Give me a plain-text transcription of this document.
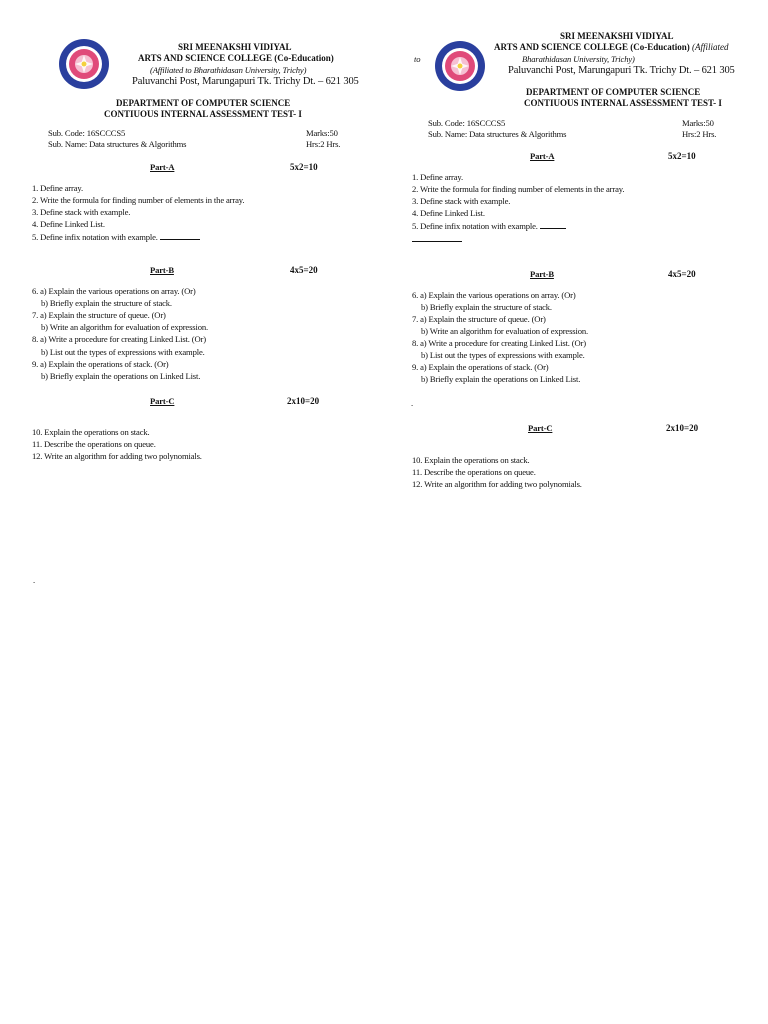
SRI MEENAKSHI VIDIYAL
ARTS AND SCIENCE COLLEGE (Co-Education)
(Affiliated to Bharathidasan University, Trichy)
Paluvanchi Post, Marungapuri Tk. Trichy Dt. – 621 305
DEPARTMENT OF COMPUTER SCIENCE
CONTIUOUS INTERNAL ASSESSMENT TEST- I
Sub. Code: 16SCCCS5	Marks:50
Sub. Name: Data structures & Algorithms	Hrs:2 Hrs.
Part-A	5x2=10
1. Define array.
2. Write the formula for finding number of elements in the array.
3. Define stack with example.
4. Define Linked List.
5. Define infix notation with example.
Part-B	4x5=20
6. a) Explain the various operations on array. (Or)
b) Briefly explain the structure of stack.
7. a) Explain the structure of queue. (Or)
b) Write an algorithm for evaluation of expression.
8. a) Write a procedure for creating Linked List. (Or)
b) List out the types of expressions with example.
9. a) Explain the operations of stack. (Or)
b) Briefly explain the operations on Linked List.
Part-C	2x10=20
10. Explain the operations on stack.
11. Describe the operations on queue.
12. Write an algorithm for adding two polynomials.
.
to
SRI MEENAKSHI VIDIYAL
ARTS AND SCIENCE COLLEGE (Co-Education) (Affiliated
Bharathidasan University, Trichy)
Paluvanchi Post, Marungapuri Tk. Trichy Dt. – 621 305
DEPARTMENT OF COMPUTER SCIENCE
CONTIUOUS INTERNAL ASSESSMENT TEST- I
Sub. Code: 16SCCCS5	Marks:50
Sub. Name: Data structures & Algorithms	Hrs:2 Hrs.
Part-A	5x2=10
1. Define array.
2. Write the formula for finding number of elements in the array.
3. Define stack with example.
4. Define Linked List.
5. Define infix notation with example.
Part-B	4x5=20
6. a) Explain the various operations on array. (Or)
b) Briefly explain the structure of stack.
7. a) Explain the structure of queue. (Or)
b) Write an algorithm for evaluation of expression.
8. a) Write a procedure for creating Linked List. (Or)
b) List out the types of expressions with example.
9. a) Explain the operations of stack. (Or)
b) Briefly explain the operations on Linked List.
.
Part-C	2x10=20
10. Explain the operations on stack.
11. Describe the operations on queue.
12. Write an algorithm for adding two polynomials.
